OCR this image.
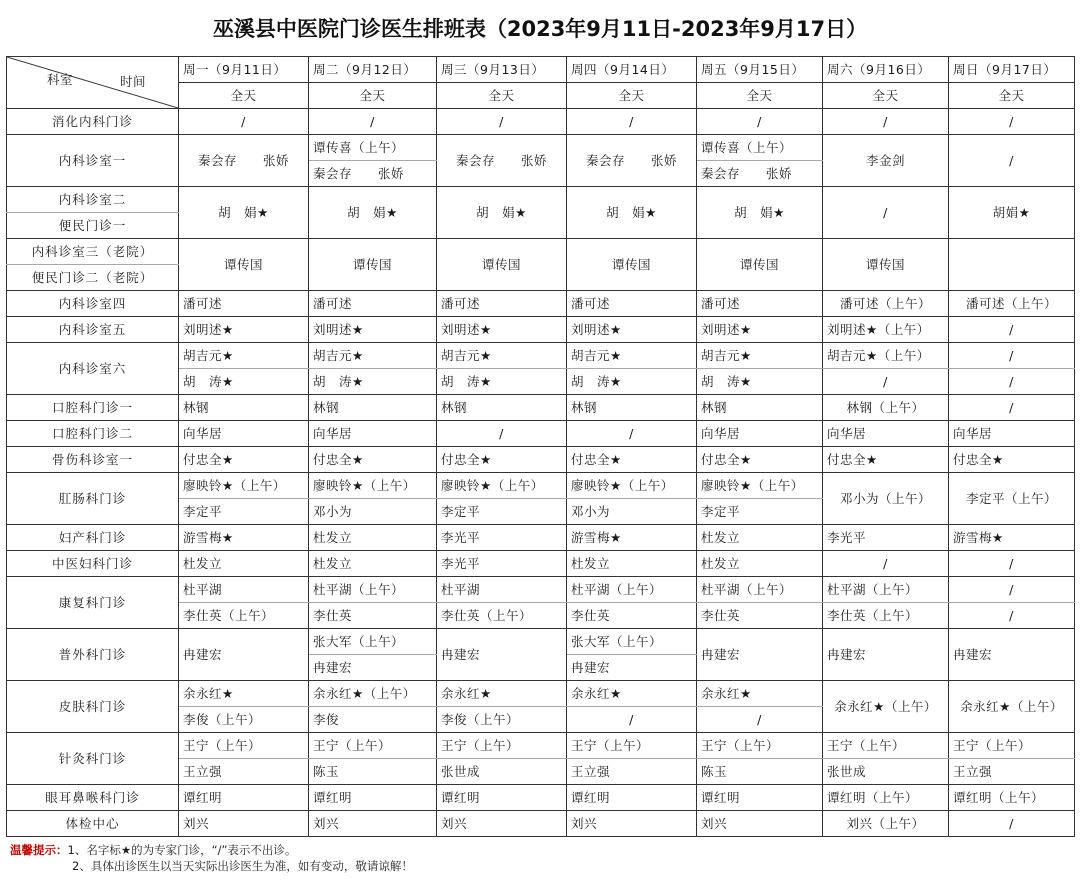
巫溪县中医院门诊医生排班表（2023年9月11日-2023年9月17日）
科室 时间	周一（9月11日）	周二（9月12日）	周三（9月13日）	周四（9月14日）	周五（9月15日）	周六（9月16日）	周日（9月17日）
	全天	全天	全天	全天	全天	全天	全天
消化内科门诊	/	/	/	/	/	/	/
内科诊室一	秦会存　　张娇	谭传喜（上午）	秦会存　　张娇	秦会存　　张娇	谭传喜（上午）	李金剑	/
		秦会存　　张娇			秦会存　　张娇		
内科诊室二	胡　娟★	胡　娟★	胡　娟★	胡　娟★	胡　娟★	/	胡娟★
便民门诊一							
内科诊室三（老院）	谭传国	谭传国	谭传国	谭传国	谭传国	谭传国	
便民门诊二（老院）							
内科诊室四	潘可述	潘可述	潘可述	潘可述	潘可述	潘可述（上午）	潘可述（上午）
内科诊室五	刘明述★	刘明述★	刘明述★	刘明述★	刘明述★	刘明述★（上午）	/
内科诊室六	胡吉元★	胡吉元★	胡吉元★	胡吉元★	胡吉元★	胡吉元★（上午）	/
	胡　涛★	胡　涛★	胡　涛★	胡　涛★	胡　涛★	/	/
口腔科门诊一	林钢	林钢	林钢	林钢	林钢	林钢（上午）	/
口腔科门诊二	向华居	向华居	/	/	向华居	向华居	向华居
骨伤科诊室一	付忠全★	付忠全★	付忠全★	付忠全★	付忠全★	付忠全★	付忠全★
肛肠科门诊	廖映铃★（上午）	廖映铃★（上午）	廖映铃★（上午）	廖映铃★（上午）	廖映铃★（上午）	邓小为（上午）	李定平（上午）
	李定平	邓小为	李定平	邓小为	李定平		
妇产科门诊	游雪梅★	杜发立	李光平	游雪梅★	杜发立	李光平	游雪梅★
中医妇科门诊	杜发立	杜发立	李光平	杜发立	杜发立	/	/
康复科门诊	杜平湖	杜平湖（上午）	杜平湖	杜平湖（上午）	杜平湖（上午）	杜平湖（上午）	/
	李仕英（上午）	李仕英	李仕英（上午）	李仕英	李仕英	李仕英（上午）	/
普外科门诊	冉建宏	张大军（上午）	冉建宏	张大军（上午）	冉建宏	冉建宏	冉建宏
		冉建宏		冉建宏			
皮肤科门诊	余永红★	余永红★（上午）	余永红★	余永红★	余永红★	余永红★（上午）	余永红★（上午）
	李俊（上午）	李俊	李俊（上午）	/	/		
针灸科门诊	王宁（上午）	王宁（上午）	王宁（上午）	王宁（上午）	王宁（上午）	王宁（上午）	王宁（上午）
	王立强	陈玉	张世成	王立强	陈玉	张世成	王立强
眼耳鼻喉科门诊	谭红明	谭红明	谭红明	谭红明	谭红明	谭红明（上午）	谭红明（上午）
体检中心	刘兴	刘兴	刘兴	刘兴	刘兴	刘兴（上午）	/
温馨提示：1、名字标★的为专家门诊，“/”表示不出诊。
2、具体出诊医生以当天实际出诊医生为准，如有变动，敬请谅解！
